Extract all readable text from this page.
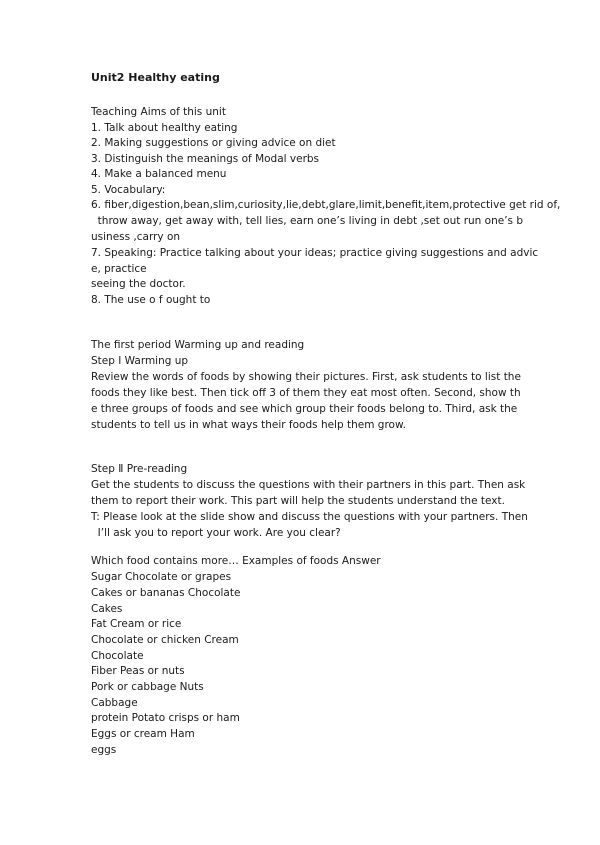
Unit2 Healthy eating
Teaching Aims of this unit
1. Talk about healthy eating
2. Making suggestions or giving advice on diet
3. Distinguish the meanings of Modal verbs
4. Make a balanced menu
5. Vocabulary:
6. fiber,digestion,bean,slim,curiosity,lie,debt,glare,limit,benefit,item,protective get rid of,
throw away, get away with, tell lies, earn one’s living in debt ,set out run one’s b
usiness ,carry on
7. Speaking: Practice talking about your ideas; practice giving suggestions and advic
e, practice
seeing the doctor.
8. The use o f ought to
The first period Warming up and reading
Step Ⅰ Warming up
Review the words of foods by showing their pictures. First, ask students to list the
foods they like best. Then tick off 3 of them they eat most often. Second, show th
e three groups of foods and see which group their foods belong to. Third, ask the
students to tell us in what ways their foods help them grow.
Step Ⅱ Pre-reading
Get the students to discuss the questions with their partners in this part. Then ask
them to report their work. This part will help the students understand the text.
T: Please look at the slide show and discuss the questions with your partners. Then
I’ll ask you to report your work. Are you clear?
Which food contains more… Examples of foods Answer
Sugar Chocolate or grapes
Cakes or bananas Chocolate
Cakes
Fat Cream or rice
Chocolate or chicken Cream
Chocolate
Fiber Peas or nuts
Pork or cabbage Nuts
Cabbage
protein Potato crisps or ham
Eggs or cream Ham
eggs
